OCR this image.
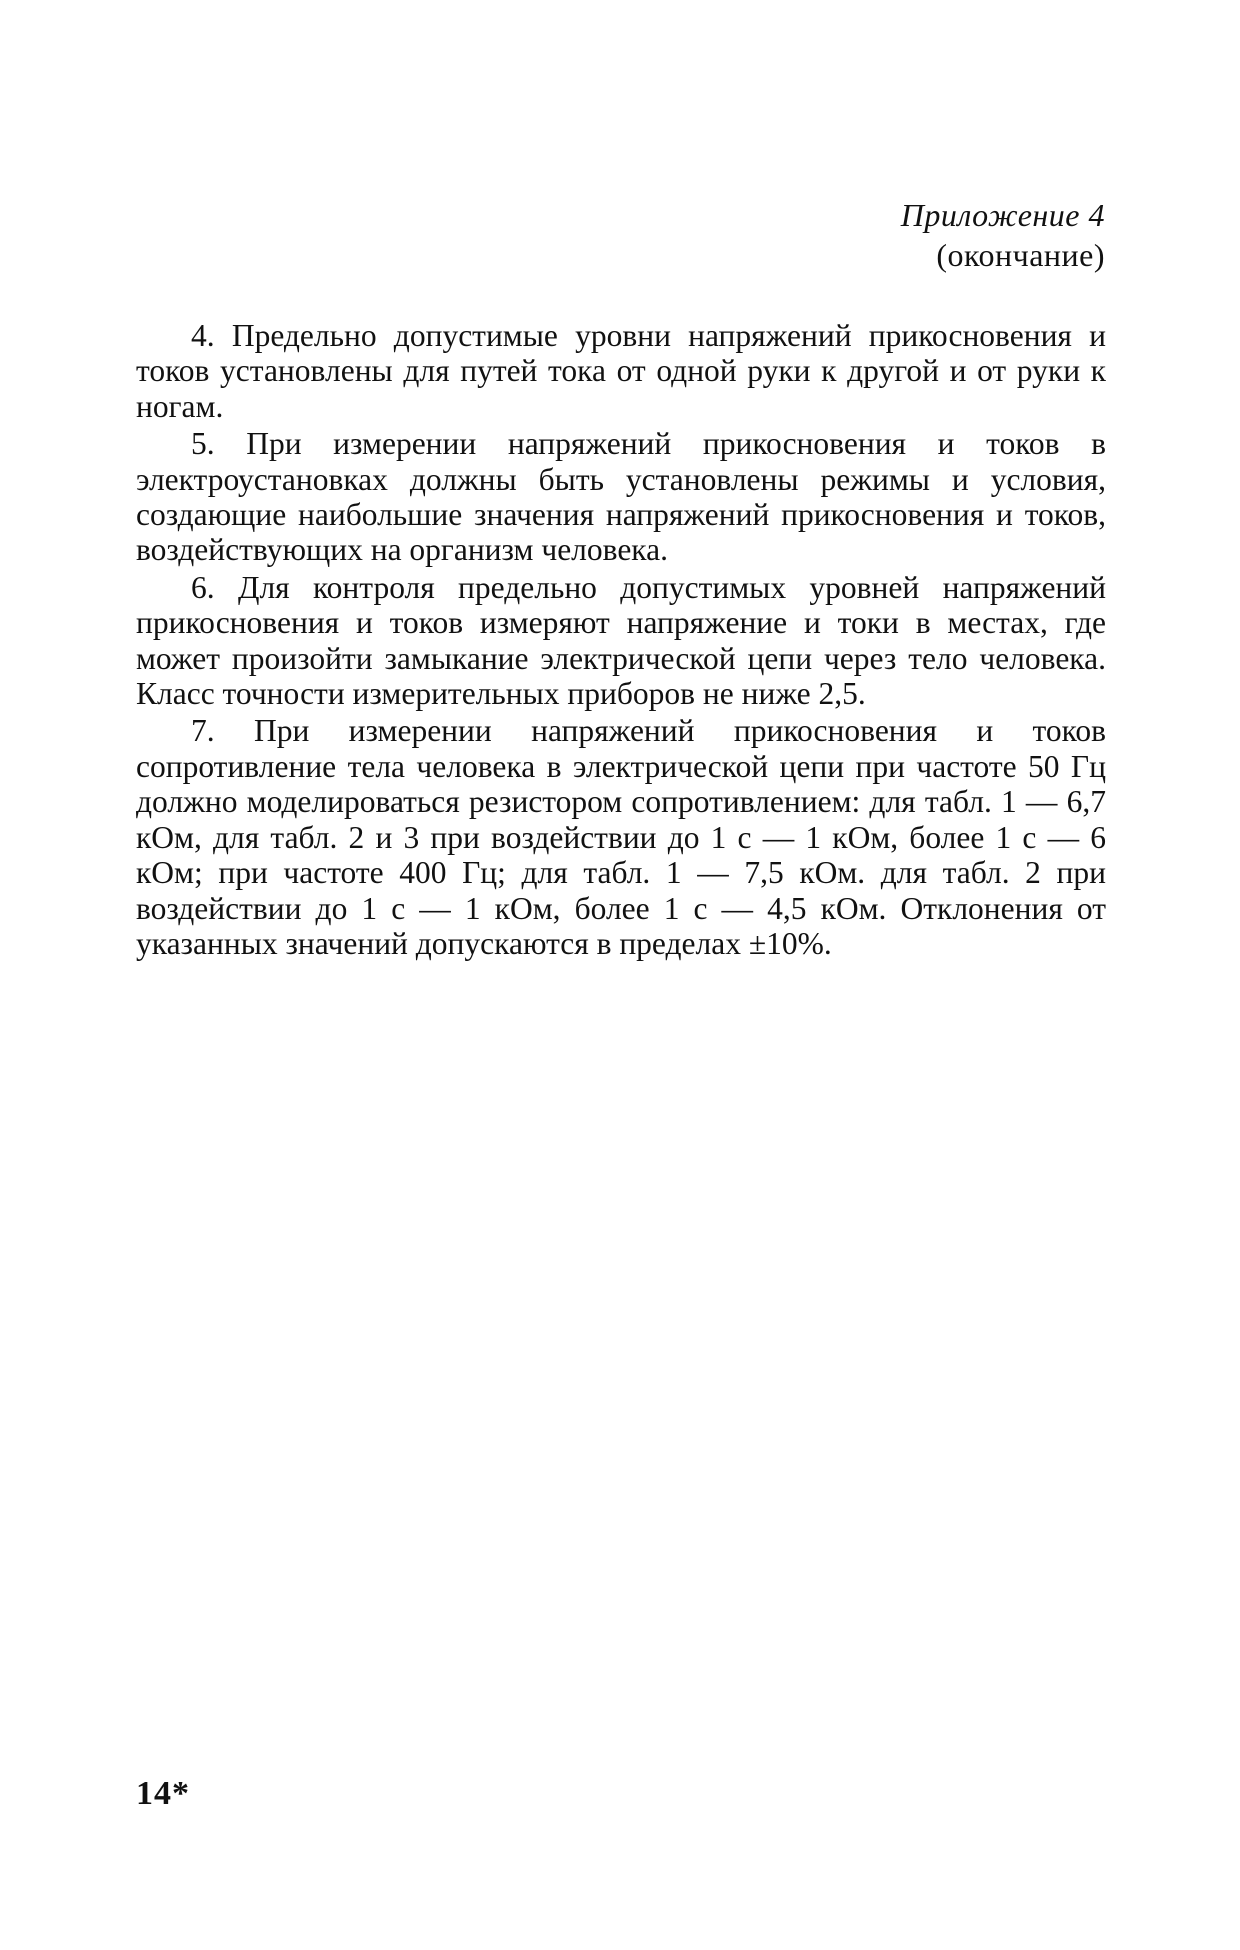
Приложение 4
(окончание)

4. Предельно допустимые уровни напряжений прикосновения и токов установлены для путей тока от одной руки к другой и от руки к ногам.

5. При измерении напряжений прикосновения и токов в электроустановках должны быть установлены режимы и условия, создающие наибольшие значения напряжений прикосновения и токов, воздействующих на организм человека.

6. Для контроля предельно допустимых уровней напряжений прикосновения и токов измеряют напряжение и токи в местах, где может произойти замыкание электрической цепи через тело человека. Класс точности измерительных приборов не ниже 2,5.

7. При измерении напряжений прикосновения и токов сопротивление тела человека в электрической цепи при частоте 50 Гц должно моделироваться резистором сопротивлением: для табл. 1 — 6,7 кОм, для табл. 2 и 3 при воздействии до 1 с — 1 кОм, более 1 с — 6 кОм; при частоте 400 Гц; для табл. 1 — 7,5 кОм. для табл. 2 при воздействии до 1 с — 1 кОм, более 1 с — 4,5 кОм. Отклонения от указанных значений допускаются в пределах ±10%.

14*
